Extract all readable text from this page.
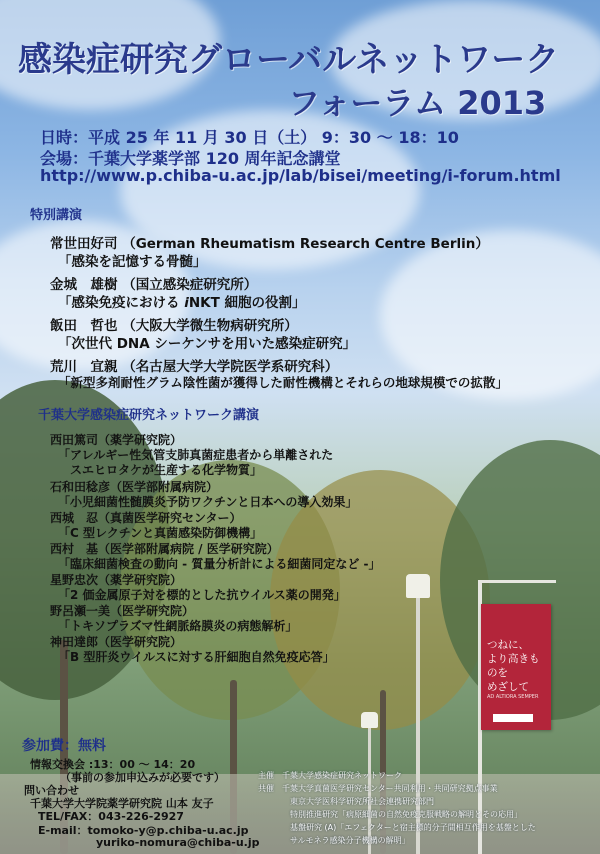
つねに、
より高きものを
めざして
AD ALTIORA SEMPER
感染症研究グローバルネットワーク
フォーラム 2013
日時：平成 25 年 11 月 30 日（土） 9：30 〜 18：10
会場：千葉大学薬学部 120 周年記念講堂
http://www.p.chiba-u.ac.jp/lab/bisei/meeting/i-forum.html
特別講演
常世田好司 （German Rheumatism Research Centre Berlin）
「感染を記憶する骨髄」
金城　雄樹 （国立感染症研究所）
「感染免疫における iNKT 細胞の役割」
飯田　哲也 （大阪大学微生物病研究所）
「次世代 DNA シーケンサを用いた感染症研究」
荒川　宜親 （名古屋大学大学院医学系研究科）
「新型多剤耐性グラム陰性菌が獲得した耐性機構とそれらの地球規模での拡散」
千葉大学感染症研究ネットワーク講演
西田篤司（薬学研究院）
「アレルギー性気管支肺真菌症患者から単離された
スエヒロタケが生産する化学物質」
石和田稔彦（医学部附属病院）
「小児細菌性髄膜炎予防ワクチンと日本への導入効果」
西城　忍（真菌医学研究センター）
「C 型レクチンと真菌感染防御機構」
西村　基（医学部附属病院 / 医学研究院）
「臨床細菌検査の動向 - 質量分析計による細菌同定など -」
星野忠次（薬学研究院）
「2 価金属原子対を標的とした抗ウイルス薬の開発」
野呂瀬一美（医学研究院）
「トキソプラズマ性網脈絡膜炎の病態解析」
神田達郎（医学研究院）
「B 型肝炎ウイルスに対する肝細胞自然免疫応答」
参加費：無料
情報交換会 :13：00 〜 14：20
（事前の参加申込みが必要です）
問い合わせ
千葉大学大学院薬学研究院 山本 友子
TEL/FAX：043-226-2927
E-mail：tomoko-y@p.chiba-u.ac.jp
yuriko-nomura@chiba-u.jp
主催　千葉大学感染症研究ネットワーク
共催　千葉大学真菌医学研究センター共同利用・共同研究拠点事業
東京大学医科学研究所社会連携研究部門
特別推進研究「病原細菌の自然免疫克服戦略の解明とその応用」
基盤研究 (A)「エフェクターと宿主標的分子間相互作用を基盤とした
サルモネラ感染分子機構の解明」
